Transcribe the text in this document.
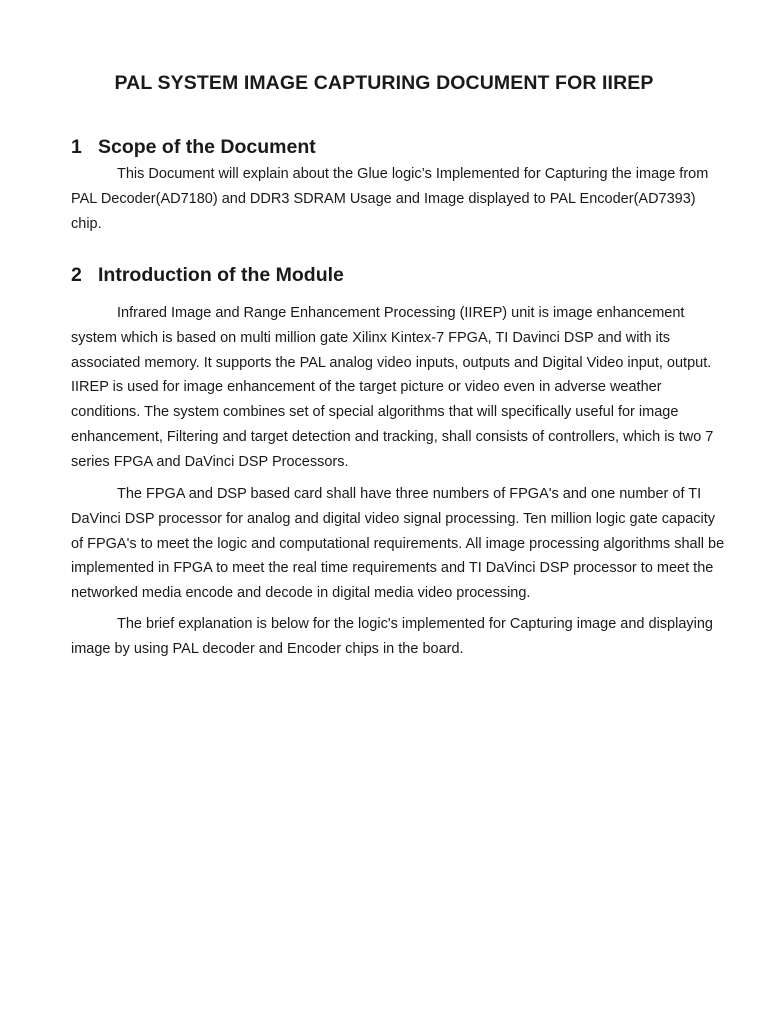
PAL SYSTEM IMAGE CAPTURING DOCUMENT FOR IIREP
1 Scope of the Document

This Document will explain about the Glue logic’s Implemented for Capturing the image from
PAL Decoder(AD7180) and DDR3 SDRAM Usage and Image displayed to PAL Encoder(AD7393)
chip.

2 Introduction of the Module

Infrared Image and Range Enhancement Processing (IIREP) unit is image enhancement
system which is based on multi million gate Xilinx Kintex-7 FPGA, TI Davinci DSP and with its
associated memory. It supports the PAL analog video inputs, outputs and Digital Video input, output.
IIREP is used for image enhancement of the target picture or video even in adverse weather
conditions. The system combines set of special algorithms that will specifically useful for image
enhancement, Filtering and target detection and tracking, shall consists of controllers, which is two 7
series FPGA and DaVinci DSP Processors.

The FPGA and DSP based card shall have three numbers of FPGA's and one number of TI
DaVinci DSP processor for analog and digital video signal processing. Ten million logic gate capacity
of FPGA's to meet the logic and computational requirements. All image processing algorithms shall be
implemented in FPGA to meet the real time requirements and TI DaVinci DSP processor to meet the
networked media encode and decode in digital media video processing.

The brief explanation is below for the logic's implemented for Capturing image and displaying
image by using PAL decoder and Encoder chips in the board.
